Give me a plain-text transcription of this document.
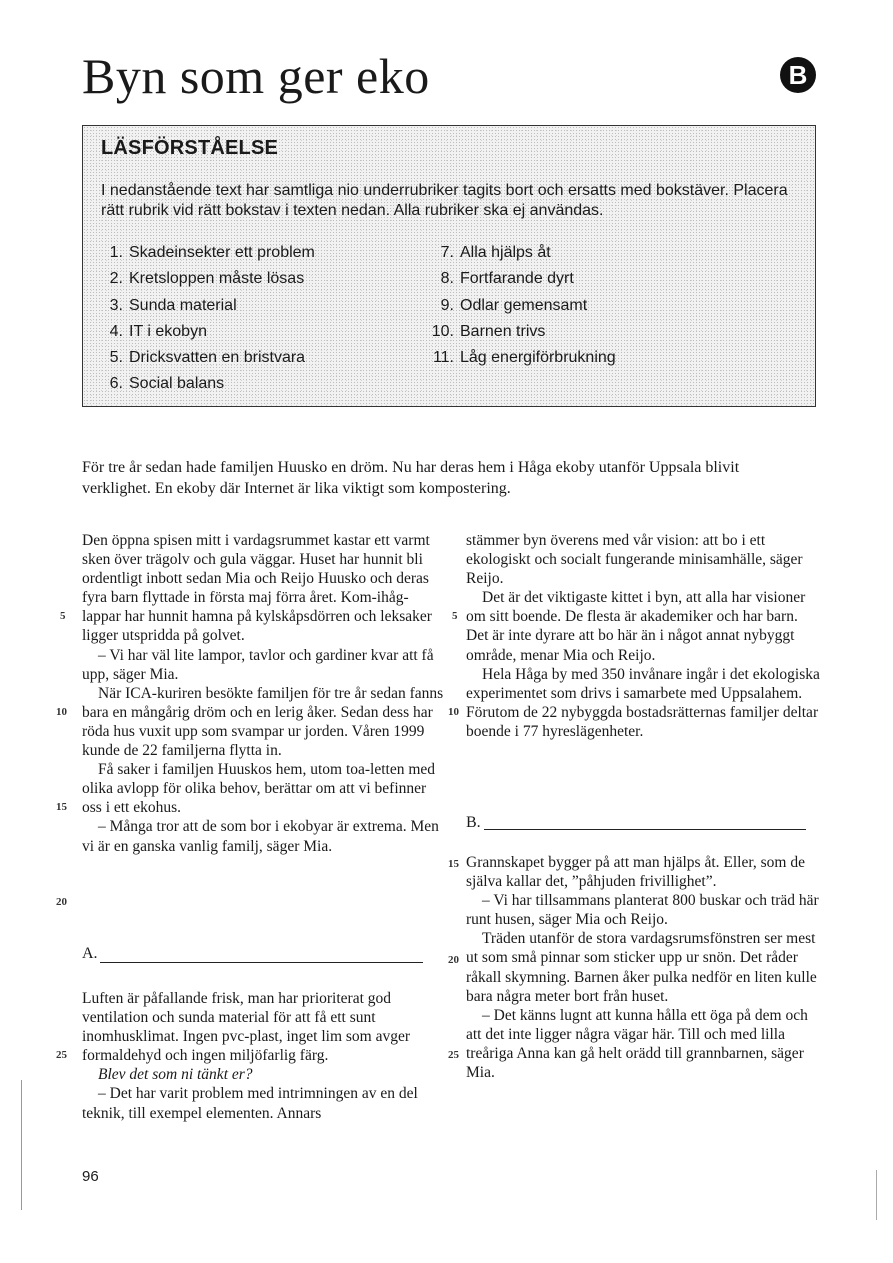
Byn som ger eko	B
LÄSFÖRSTÅELSE
I nedanstående text har samtliga nio underrubriker tagits bort och ersatts med bokstäver. Placera rätt rubrik vid rätt bokstav i texten nedan. Alla rubriker ska ej användas.
1. Skadeinsekter ett problem
2. Kretsloppen måste lösas
3. Sunda material
4. IT i ekobyn
5. Dricksvatten en bristvara
6. Social balans
7. Alla hjälps åt
8. Fortfarande dyrt
9. Odlar gemensamt
10. Barnen trivs
11. Låg energiförbrukning

För tre år sedan hade familjen Huusko en dröm. Nu har deras hem i Håga ekoby utanför Uppsala blivit verklighet. En ekoby där Internet är lika viktigt som kompostering.

Den öppna spisen mitt i vardagsrummet kastar ett varmt sken över trägolv och gula väggar. Huset har hunnit bli ordentligt inbott sedan Mia och Reijo Huusko och deras fyra barn flyttade in första maj förra året. Kom-ihåg-lappar har hunnit hamna på kylskåpsdörren och leksaker ligger utspridda på golvet.

– Vi har väl lite lampor, tavlor och gardiner kvar att få upp, säger Mia.

När ICA-kuriren besökte familjen för tre år sedan fanns bara en mångårig dröm och en lerig åker. Sedan dess har röda hus vuxit upp som svampar ur jorden. Våren 1999 kunde de 22 familjerna flytta in.

Få saker i familjen Huuskos hem, utom toa-letten med olika avlopp för olika behov, berättar om att vi befinner oss i ett ekohus.

– Många tror att de som bor i ekobyar är extrema. Men vi är en ganska vanlig familj, säger Mia.

A.

Luften är påfallande frisk, man har prioriterat god ventilation och sunda material för att få ett sunt inomhusklimat. Ingen pvc-plast, inget lim som avger formaldehyd och ingen miljöfarlig färg.

Blev det som ni tänkt er?

– Det har varit problem med intrimningen av en del teknik, till exempel elementen. Annars

stämmer byn överens med vår vision: att bo i ett ekologiskt och socialt fungerande minisamhälle, säger Reijo.

Det är det viktigaste kittet i byn, att alla har visioner om sitt boende. De flesta är akademiker och har barn. Det är inte dyrare att bo här än i något annat nybyggt område, menar Mia och Reijo.

Hela Håga by med 350 invånare ingår i det ekologiska experimentet som drivs i samarbete med Uppsalahem. Förutom de 22 nybyggda bostadsrätternas familjer deltar boende i 77 hyreslägenheter.

B.

Grannskapet bygger på att man hjälps åt. Eller, som de själva kallar det, ”påhjuden frivillighet”.

– Vi har tillsammans planterat 800 buskar och träd här runt husen, säger Mia och Reijo.

Träden utanför de stora vardagsrumsfönstren ser mest ut som små pinnar som sticker upp ur snön. Det råder råkall skymning. Barnen åker pulka nedför en liten kulle bara några meter bort från huset.

– Det känns lugnt att kunna hålla ett öga på dem och att det inte ligger några vägar här. Till och med lilla treåriga Anna kan gå helt orädd till grannbarnen, säger Mia.

5
10
15
20
25
5
10
15
20
25
96
